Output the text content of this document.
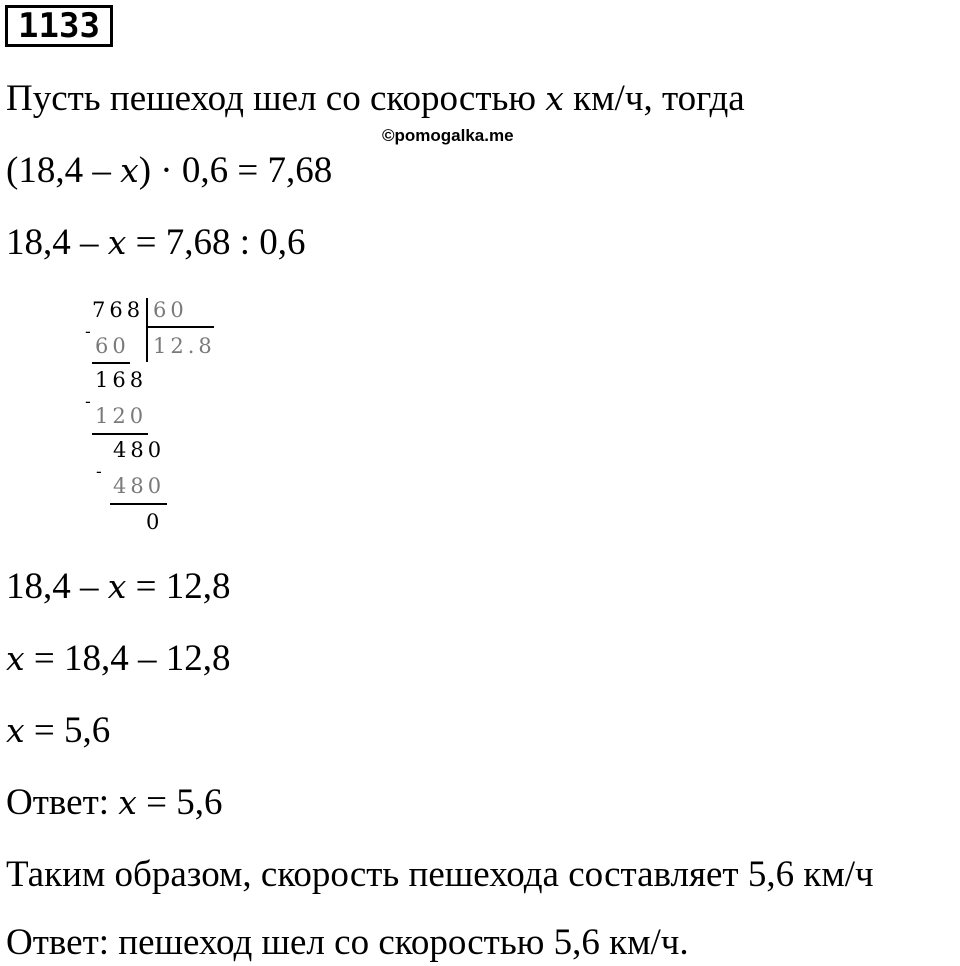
1133
Пусть пешеход шел со скоростью x км/ч, тогда
©pomogalka.me
(18,4 – x) · 0,6 = 7,68
18,4 – x = 7,68 : 0,6
768 60
12.8
-
60
168
-
120
480
-
480
0
18,4 – x = 12,8
x = 18,4 – 12,8
x = 5,6
Ответ: x = 5,6
Таким образом, скорость пешехода составляет 5,6 км/ч
Ответ: пешеход шел со скоростью 5,6 км/ч.
